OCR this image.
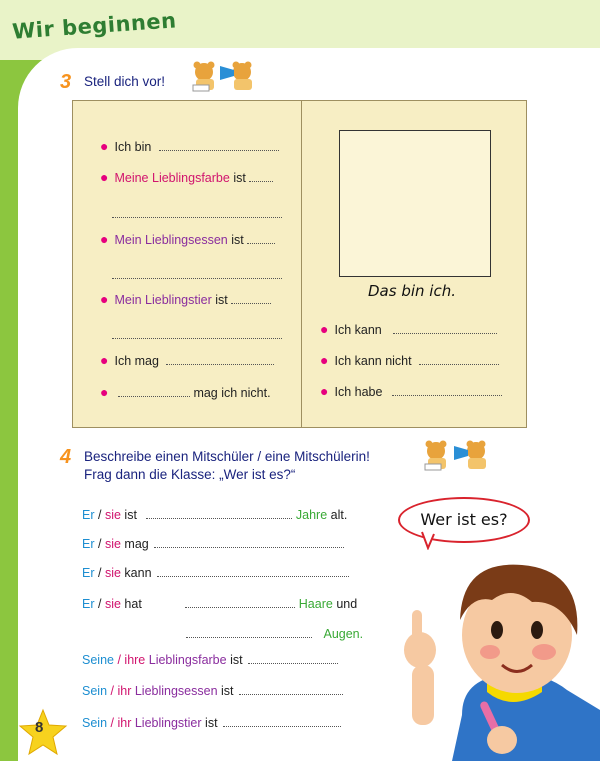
Wir beginnen
3 Stell dich vor!
Das bin ich.
● Ich bin
● Meine Lieblingsfarbe ist
● Mein Lieblingsessen ist
● Mein Lieblingstier ist
● Ich mag
●	mag ich nicht.
● Ich kann
● Ich kann nicht
● Ich habe
4 Beschreibe einen Mitschüler / eine Mitschülerin!
Frag dann die Klasse: „Wer ist es?“
Er / sie ist	Jahre alt.
Er / sie mag
Er / sie kann
Er / sie hat	Haare und
Augen.
Seine / ihre Lieblingsfarbe ist
Sein / ihr Lieblingsessen ist
Sein / ihr Lieblingstier ist
Wer ist es?
8
